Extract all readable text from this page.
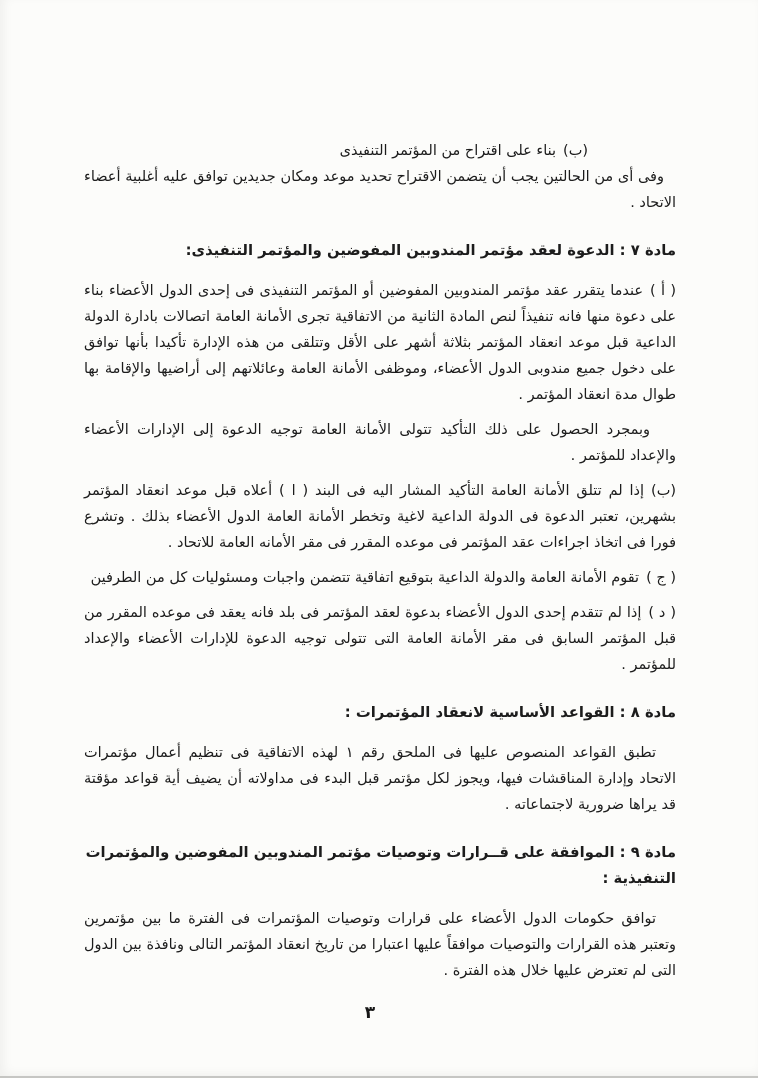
(ب)بناء على اقتراح من المؤتمر التنفيذى

وفى أى من الحالتين يجب أن يتضمن الاقتراح تحديد موعد ومكان جديدين توافق عليه أغلبية أعضاء الاتحاد .

مادة ٧ : الدعوة لعقد مؤتمر المندوبين المفوضين والمؤتمر التنفيذى:

( أ )عندما يتقرر عقد مؤتمر المندوبين المفوضين أو المؤتمر التنفيذى فى إحدى الدول الأعضاء بناء على دعوة منها فانه تنفيذاً لنص المادة الثانية من الاتفاقية تجرى الأمانة العامة اتصالات بادارة الدولة الداعية قبل موعد انعقاد المؤتمر بثلاثة أشهر على الأقل وتتلقى من هذه الإدارة تأكيدا بأنها توافق على دخول جميع مندوبى الدول الأعضاء، وموظفى الأمانة العامة وعائلاتهم إلى أراضيها والإقامة بها طوال مدة انعقاد المؤتمر .

وبمجرد الحصول على ذلك التأكيد تتولى الأمانة العامة توجيه الدعوة إلى الإدارات الأعضاء والإعداد للمؤتمر .

(ب)إذا لم تتلق الأمانة العامة التأكيد المشار اليه فى البند ( ا ) أعلاه قبل موعد انعقاد المؤتمر بشهرين، تعتبر الدعوة فى الدولة الداعية لاغية وتخطر الأمانة العامة الدول الأعضاء بذلك . وتشرع فورا فى اتخاذ اجراءات عقد المؤتمر فى موعده المقرر فى مقر الأمانه العامة للاتحاد .

( ج )تقوم الأمانة العامة والدولة الداعية بتوقيع اتفاقية تتضمن واجبات ومسئوليات كل من الطرفين

( د )إذا لم تتقدم إحدى الدول الأعضاء بدعوة لعقد المؤتمر فى بلد فانه يعقد فى موعده المقرر من قبل المؤتمر السابق فى مقر الأمانة العامة التى تتولى توجيه الدعوة للإدارات الأعضاء والإعداد للمؤتمر .

مادة ٨ : القواعد الأساسية لانعقاد المؤتمرات :

تطبق القواعد المنصوص عليها فى الملحق رقم ١ لهذه الاتفاقية فى تنظيم أعمال مؤتمرات الاتحاد وإدارة المناقشات فيها، ويجوز لكل مؤتمر قبل البدء فى مداولاته أن يضيف أية قواعد مؤقتة قد يراها ضرورية لاجتماعاته .

مادة ٩ : الموافقة على قــرارات وتوصيات مؤتمر المندوبين المفوضين والمؤتمرات التنفيذية :

توافق حكومات الدول الأعضاء على قرارات وتوصيات المؤتمرات فى الفترة ما بين مؤتمرين وتعتبر هذه القرارات والتوصيات موافقاً عليها اعتبارا من تاريخ انعقاد المؤتمر التالى ونافذة بين الدول التى لم تعترض عليها خلال هذه الفترة .

٣
